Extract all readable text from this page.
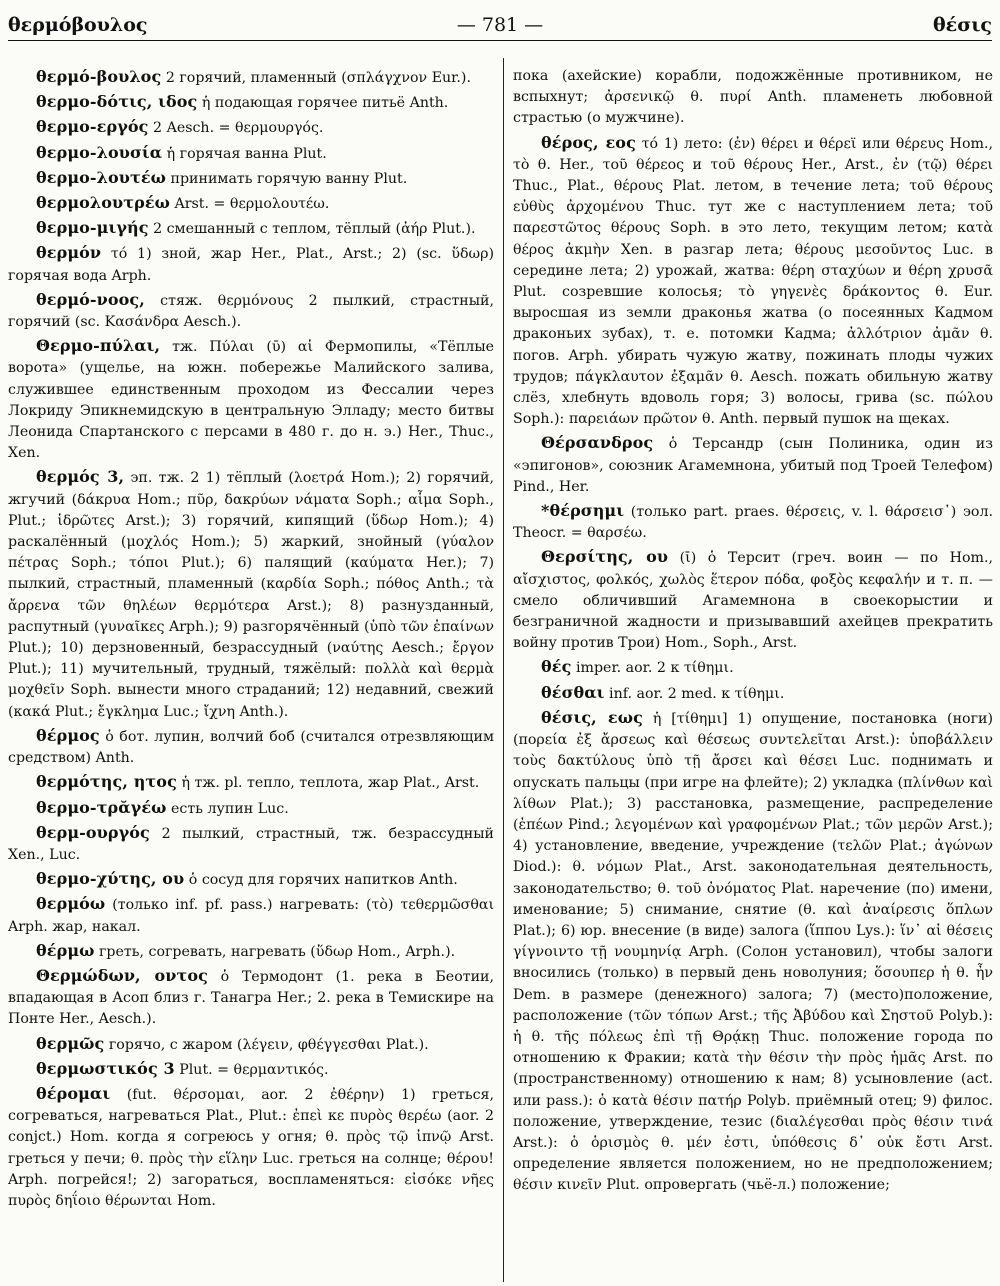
θερμόβουλος	— 781 —	θέσις

θερμό-βουλος 2 горячий, пламенный (σπλάγχνον Eur.).

θερμο-δότις, ιδος ἡ подающая горячее питьё Anth.

θερμο-εργός 2 Aesch. = θερμουργός.

θερμο-λουσία ἡ горячая ванна Plut.

θερμο-λουτέω принимать горячую ванну Plut.

θερμολουτρέω Arst. = θερμολουτέω.

θερμο-μιγής 2 смешанный с теплом, тёплый (ἀήρ Plut.).

θερμόν τό 1) зной, жар Her., Plat., Arst.; 2) (sc. ὕδωρ) горячая вода Arph.

θερμό-νοος, стяж. θερμόνους 2 пылкий, страстный, горячий (sc. Κασάνδρα Aesch.).

Θερμο-πύλαι, тж. Πύλαι (ῡ) αἱ Фермопилы, «Тёплые ворота» (ущелье, на южн. побережье Малийского залива, служившее единственным проходом из Фессалии через Локриду Эпикнемидскую в центральную Элладу; место битвы Леонида Спартанского с персами в 480 г. до н. э.) Her., Thuc., Xen.

θερμός 3, эп. тж. 2 1) тёплый (λοετρά Hom.); 2) горячий, жгучий (δάκρυα Hom.; πῦρ, δακρύων νάματα Soph.; αἷμα Soph., Plut.; ἱδρῶτες Arst.); 3) горячий, кипящий (ὕδωρ Hom.); 4) раскалённый (μοχλός Hom.); 5) жаркий, знойный (γύαλον πέτρας Soph.; τόποι Plut.); 6) палящий (καύματα Her.); 7) пылкий, страстный, пламенный (καρδία Soph.; πόθος Anth.; τὰ ἄρρενα τῶν θηλέων θερμότερα Arst.); 8) разнузданный, распутный (γυναῖκες Arph.); 9) разгорячённый (ὑπὸ τῶν ἐπαίνων Plut.); 10) дерзновенный, безрассудный (ναύτης Aesch.; ἔργον Plut.); 11) мучительный, трудный, тяжёлый: πολλὰ καὶ θερμὰ μοχθεῖν Soph. вынести много страданий; 12) недавний, свежий (κακά Plut.; ἔγκλημα Luc.; ἴχνη Anth.).

θέρμος ὁ бот. лупин, волчий боб (считался отрезвляющим средством) Anth.

θερμότης, ητος ἡ тж. pl. тепло, теплота, жар Plat., Arst.

θερμο-τρᾰγέω есть лупин Luc.

θερμ-ουργός 2 пылкий, страстный, тж. безрассудный Xen., Luc.

θερμο-χύτης, ου ὁ сосуд для горячих напитков Anth.

θερμόω (только inf. pf. pass.) нагревать: (τὸ) τεθερμῶσθαι Arph. жар, накал.

θέρμω греть, согревать, нагревать (ὕδωρ Hom., Arph.).

Θερμώδων, οντος ὁ Термодонт (1. река в Беотии, впадающая в Асоп близ г. Танагра Her.; 2. река в Темискире на Понте Her., Aesch.).

θερμῶς горячо, с жаром (λέγειν, φθέγγεσθαι Plat.).

θερμωστικός 3 Plut. = θερμαντικός.

θέρομαι (fut. θέρσομαι, aor. 2 ἐθέρην) 1) греться, согреваться, нагреваться Plat., Plut.: ἐπεὶ κε πυρὸς θερέω (aor. 2 conjct.) Hom. когда я согреюсь у огня; θ. πρὸς τῷ ἰπνῷ Arst. греться у печи; θ. πρὸς τὴν εἵλην Luc. греться на солнце; θέρου! Arph. погрейся!; 2) загораться, воспламеняться: εἰσόκε νῆες πυρὸς δηΐοιο θέρωνται Hom.

пока (ахейские) корабли, подожжённые противником, не вспыхнут; ἀρσενικῷ θ. πυρί Anth. пламенеть любовной страстью (о мужчине).

θέρος, εος τό 1) лето: (ἐν) θέρει и θέρεϊ или θέρευς Hom., τὸ θ. Her., τοῦ θέρεος и τοῦ θέρους Her., Arst., ἐν (τῷ) θέρει Thuc., Plat., θέρους Plat. летом, в течение лета; τοῦ θέρους εὐθὺς ἀρχομένου Thuc. тут же с наступлением лета; τοῦ παρεστῶτος θέρους Soph. в это лето, текущим летом; κατὰ θέρος ἀκμὴν Xen. в разгар лета; θέρους μεσοῦντος Luc. в середине лета; 2) урожай, жатва: θέρη σταχύων и θέρη χρυσᾶ Plut. созревшие колосья; τὸ γηγενὲς δράκοντος θ. Eur. выросшая из земли драконья жатва (о посеянных Кадмом драконьих зубах), т. е. потомки Кадма; ἀλλότριον ἀμᾶν θ. погов. Arph. убирать чужую жатву, пожинать плоды чужих трудов; πάγκλαυτον ἐξαμᾶν θ. Aesch. пожать обильную жатву слёз, хлебнуть вдоволь горя; 3) волосы, грива (sc. πώλου Soph.): παρειάων πρῶτον θ. Anth. первый пушок на щеках.

Θέρσανδρος ὁ Терсандр (сын Полиника, один из «эпигонов», союзник Агамемнона, убитый под Троей Телефом) Pind., Her.

*θέρσημι (только part. praes. θέρσεις, v. l. θάρσεισ᾽) эол. Theocr. = θαρσέω.

Θερσίτης, ου (ῑ) ὁ Терсит (греч. воин — по Hom., αἴσχιστος, φολκός, χωλὸς ἕτερον πόδα, φοξὸς κεφαλήν и т. п. — смело обличивший Агамемнона в своекорыстии и безграничной жадности и призывавший ахейцев прекратить войну против Трои) Hom., Soph., Arst.

θές imper. aor. 2 к τίθημι.

θέσθαι inf. aor. 2 med. к τίθημι.

θέσις, εως ἡ [τίθημι] 1) опущение, постановка (ноги) (πορεία ἐξ ἄρσεως καὶ θέσεως συντελεῖται Arst.): ὑποβάλλειν τοὺς δακτύλους ὑπὸ τῇ ἄρσει καὶ θέσει Luc. поднимать и опускать пальцы (при игре на флейте); 2) укладка (πλίνθων καὶ λίθων Plat.); 3) расстановка, размещение, распределение (ἐπέων Pind.; λεγομένων καὶ γραφομένων Plat.; τῶν μερῶν Arst.); 4) установление, введение, учреждение (τελῶν Plat.; ἀγώνων Diod.): θ. νόμων Plat., Arst. законодательная деятельность, законодательство; θ. τοῦ ὀνόματος Plat. наречение (по) имени, именование; 5) снимание, снятие (θ. καὶ ἀναίρεσις ὅπλων Plat.); 6) юр. внесение (в виде) залога (ἵππου Lys.): ἵν᾽ αἱ θέσεις γίγνοιντο τῇ νουμηνίᾳ Arph. (Солон установил), чтобы залоги вносились (только) в первый день новолуния; ὅσουπερ ἡ θ. ἦν Dem. в размере (денежного) залога; 7) (место)положение, расположение (τῶν τόπων Arst.; τῆς Ἀβύδου καὶ Σηστοῦ Polyb.): ἡ θ. τῆς πόλεως ἐπὶ τῇ Θρᾴκῃ Thuc. положение города по отношению к Фракии; κατὰ τὴν θέσιν τὴν πρὸς ἡμᾶς Arst. по (пространственному) отношению к нам; 8) усыновление (act. или pass.): ὁ κατὰ θέσιν πατήρ Polyb. приёмный отец; 9) филос. положение, утверждение, тезис (διαλέγεσθαι πρὸς θέσιν τινά Arst.): ὁ ὁρισμὸς θ. μέν ἐστι, ὑπόθεσις δ᾽ οὐκ ἔστι Arst. определение является положением, но не предположением; θέσιν κινεῖν Plut. опровергать (чьё-л.) положение;
